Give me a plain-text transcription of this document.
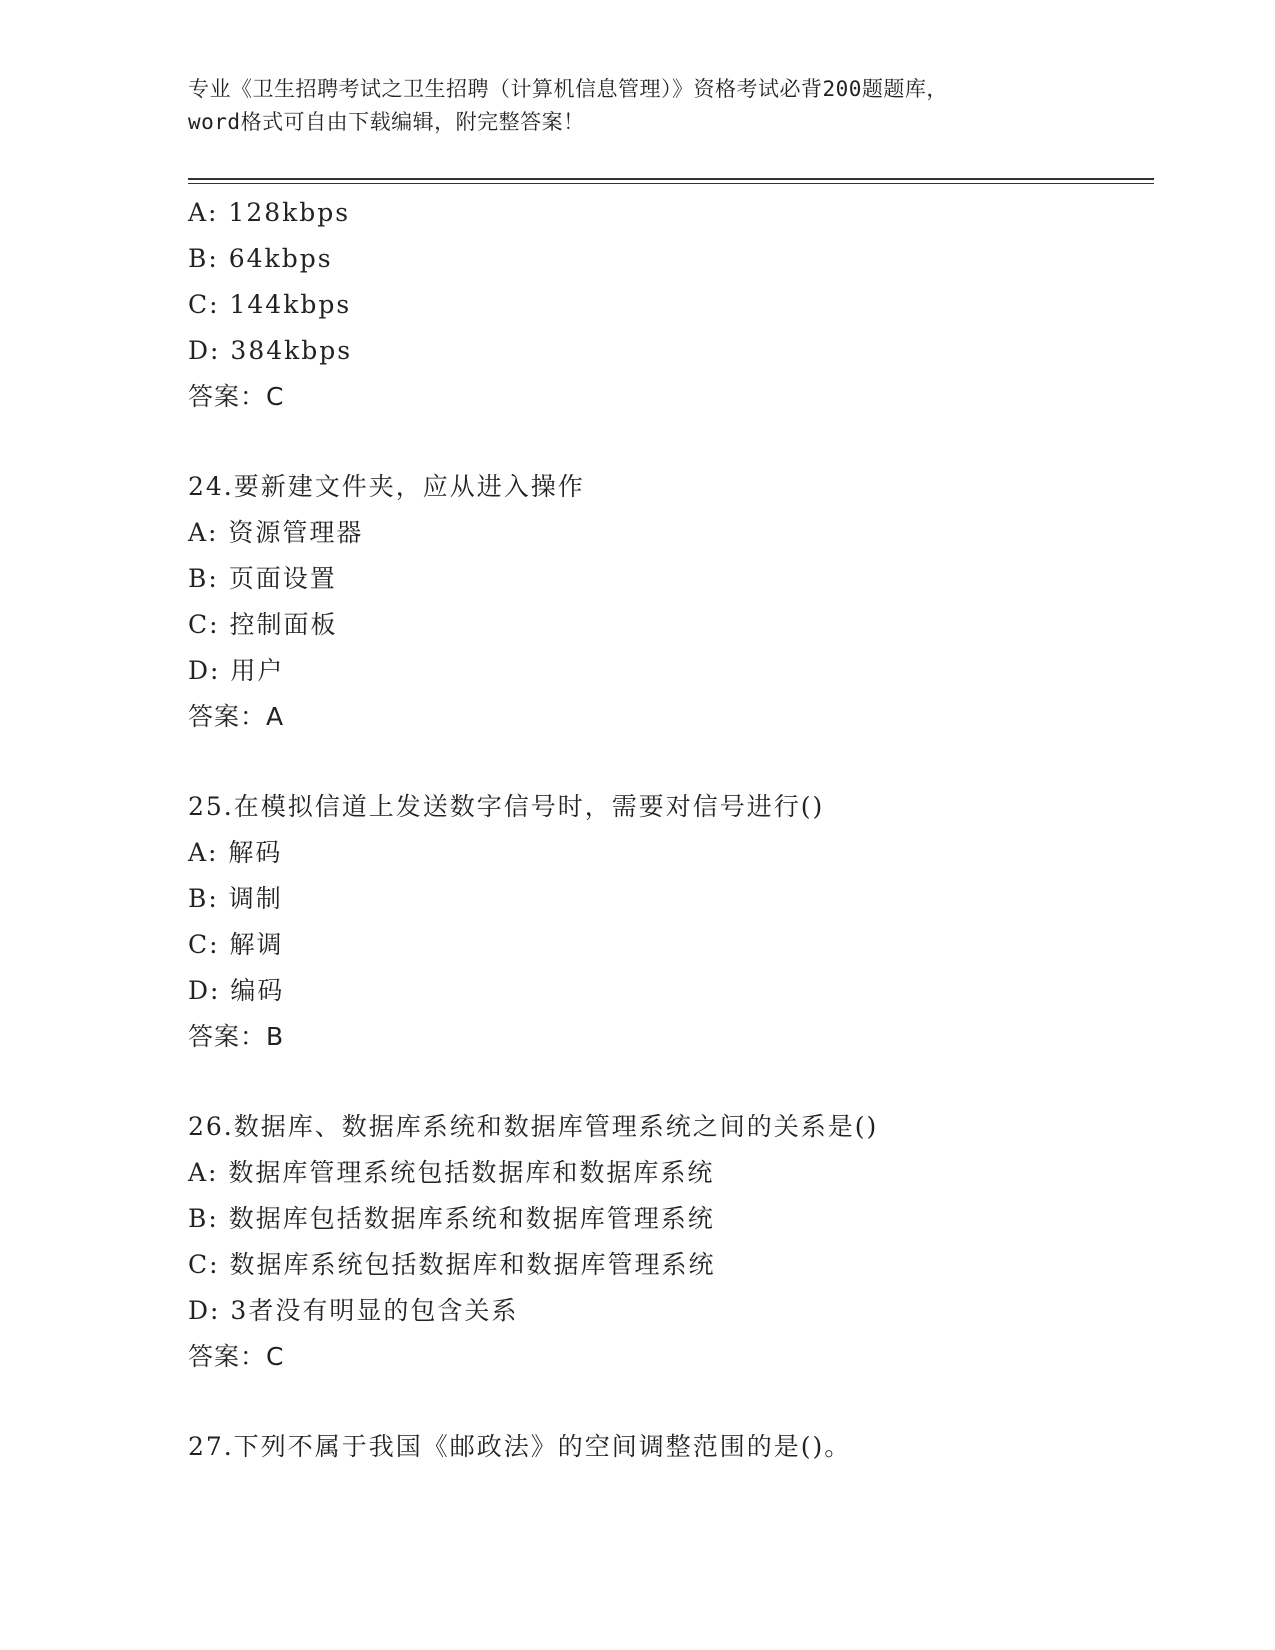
专业《卫生招聘考试之卫生招聘（计算机信息管理）》资格考试必背200题题库，
word格式可自由下载编辑，附完整答案！
A: 128kbps
B: 64kbps
C: 144kbps
D: 384kbps
答案：C
24.要新建文件夹，应从进入操作
A: 资源管理器
B: 页面设置
C: 控制面板
D: 用户
答案：A
25.在模拟信道上发送数字信号时，需要对信号进行()
A: 解码
B: 调制
C: 解调
D: 编码
答案：B
26.数据库、数据库系统和数据库管理系统之间的关系是()
A: 数据库管理系统包括数据库和数据库系统
B: 数据库包括数据库系统和数据库管理系统
C: 数据库系统包括数据库和数据库管理系统
D: 3者没有明显的包含关系
答案：C
27.下列不属于我国《邮政法》的空间调整范围的是()。
